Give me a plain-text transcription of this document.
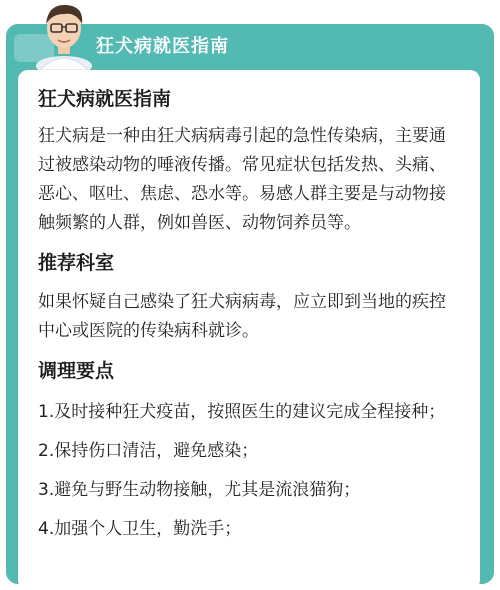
狂犬病就医指南
狂犬病就医指南

狂犬病是一种由狂犬病病毒引起的急性传染病，主要通过被感染动物的唾液传播。常见症状包括发热、头痛、恶心、呕吐、焦虑、恐水等。易感人群主要是与动物接触频繁的人群，例如兽医、动物饲养员等。

推荐科室

如果怀疑自己感染了狂犬病病毒，应立即到当地的疾控中心或医院的传染病科就诊。

调理要点

1.及时接种狂犬疫苗，按照医生的建议完成全程接种；

2.保持伤口清洁，避免感染；

3.避免与野生动物接触，尤其是流浪猫狗；

4.加强个人卫生，勤洗手；
